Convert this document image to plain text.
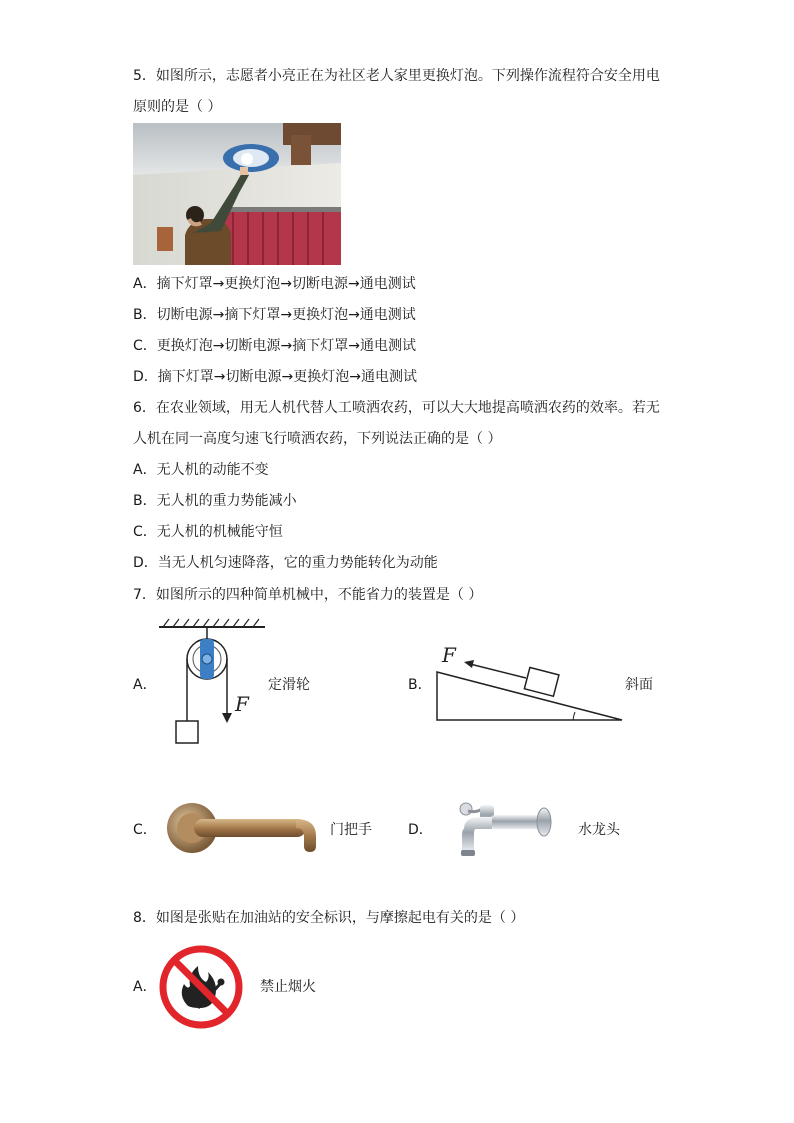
5．如图所示，志愿者小亮正在为社区老人家里更换灯泡。下列操作流程符合安全用电
原则的是（ ）
A．摘下灯罩→更换灯泡→切断电源→通电测试
B．切断电源→摘下灯罩→更换灯泡→通电测试
C．更换灯泡→切断电源→摘下灯罩→通电测试
D．摘下灯罩→切断电源→更换灯泡→通电测试
6．在农业领域，用无人机代替人工喷洒农药，可以大大地提高喷洒农药的效率。若无
人机在同一高度匀速飞行喷洒农药，下列说法正确的是（ ）
A．无人机的动能不变
B．无人机的重力势能减小
C．无人机的机械能守恒
D．当无人机匀速降落，它的重力势能转化为动能
7．如图所示的四种简单机械中，不能省力的装置是（ ）
A．
F
定滑轮	B．
F
斜面
C．	门把手	D．	水龙头
8．如图是张贴在加油站的安全标识，与摩擦起电有关的是（ ）
A．	禁止烟火
